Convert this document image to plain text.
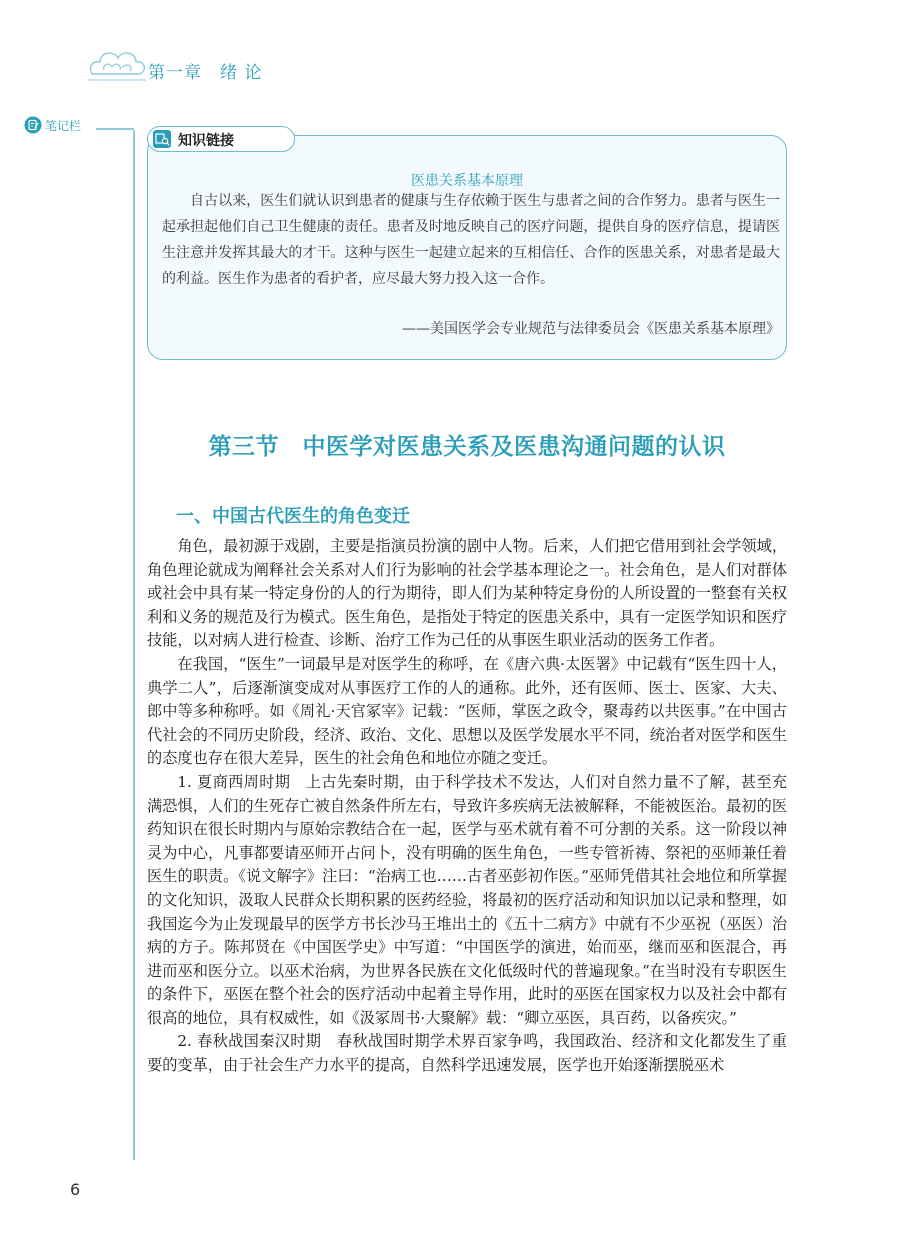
第一章 绪 论
笔记栏
知识链接
医患关系基本原理
自古以来，医生们就认识到患者的健康与生存依赖于医生与患者之间的合作努力。患者与医生一起承担起他们自己卫生健康的责任。患者及时地反映自己的医疗问题，提供自身的医疗信息，提请医生注意并发挥其最大的才干。这种与医生一起建立起来的互相信任、合作的医患关系，对患者是最大的利益。医生作为患者的看护者，应尽最大努力投入这一合作。
——美国医学会专业规范与法律委员会《医患关系基本原理》
第三节　中医学对医患关系及医患沟通问题的认识
一、中国古代医生的角色变迁

角色，最初源于戏剧，主要是指演员扮演的剧中人物。后来，人们把它借用到社会学领域，角色理论就成为阐释社会关系对人们行为影响的社会学基本理论之一。社会角色，是人们对群体或社会中具有某一特定身份的人的行为期待，即人们为某种特定身份的人所设置的一整套有关权利和义务的规范及行为模式。医生角色，是指处于特定的医患关系中，具有一定医学知识和医疗技能，以对病人进行检查、诊断、治疗工作为己任的从事医生职业活动的医务工作者。

在我国，“医生”一词最早是对医学生的称呼，在《唐六典·太医署》中记载有“医生四十人，典学二人”，后逐渐演变成对从事医疗工作的人的通称。此外，还有医师、医士、医家、大夫、郎中等多种称呼。如《周礼·天官冢宰》记载：“医师，掌医之政令，聚毒药以共医事。”在中国古代社会的不同历史阶段，经济、政治、文化、思想以及医学发展水平不同，统治者对医学和医生的态度也存在很大差异，医生的社会角色和地位亦随之变迁。

1. 夏商西周时期　上古先秦时期，由于科学技术不发达，人们对自然力量不了解，甚至充满恐惧，人们的生死存亡被自然条件所左右，导致许多疾病无法被解释，不能被医治。最初的医药知识在很长时期内与原始宗教结合在一起，医学与巫术就有着不可分割的关系。这一阶段以神灵为中心，凡事都要请巫师开占问卜，没有明确的医生角色，一些专管祈祷、祭祀的巫师兼任着医生的职责。《说文解字》注曰：“治病工也……古者巫彭初作医。”巫师凭借其社会地位和所掌握的文化知识，汲取人民群众长期积累的医药经验，将最初的医疗活动和知识加以记录和整理，如我国迄今为止发现最早的医学方书长沙马王堆出土的《五十二病方》中就有不少巫祝（巫医）治病的方子。陈邦贤在《中国医学史》中写道：“中国医学的演进，始而巫，继而巫和医混合，再进而巫和医分立。以巫术治病，为世界各民族在文化低级时代的普遍现象。”在当时没有专职医生的条件下，巫医在整个社会的医疗活动中起着主导作用，此时的巫医在国家权力以及社会中都有很高的地位，具有权威性，如《汲冢周书·大聚解》载：“卿立巫医，具百药，以备疾灾。”

2. 春秋战国秦汉时期　春秋战国时期学术界百家争鸣，我国政治、经济和文化都发生了重要的变革，由于社会生产力水平的提高，自然科学迅速发展，医学也开始逐渐摆脱巫术

6
